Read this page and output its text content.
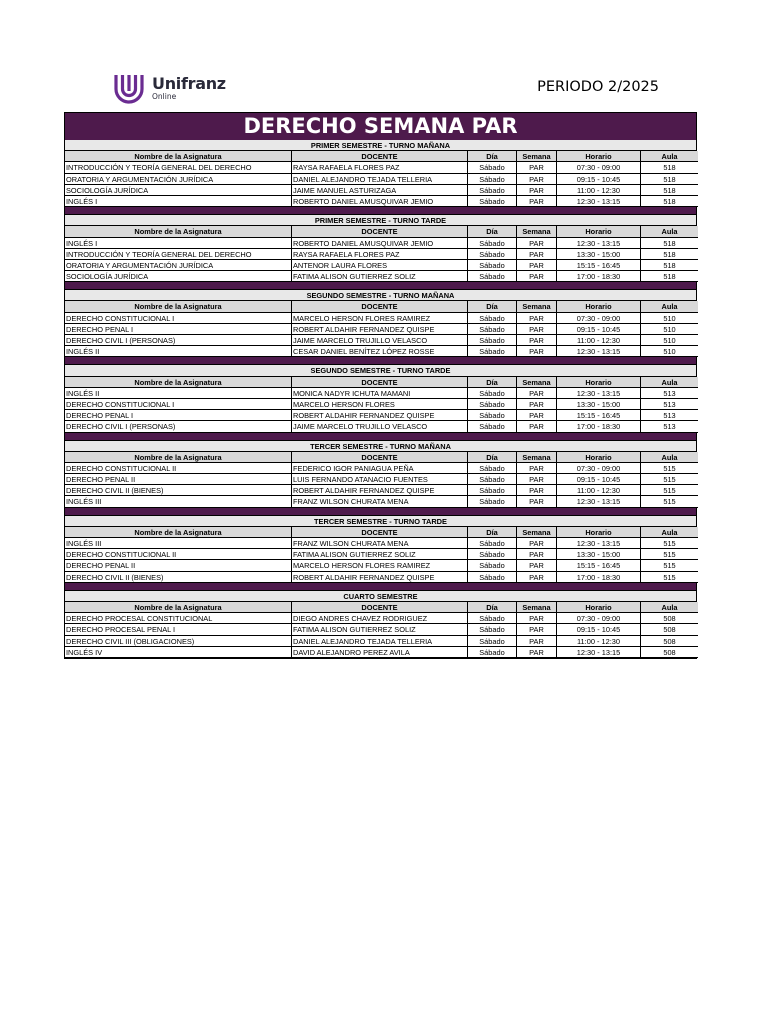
Unifranz
Online
PERIODO 2/2025
DERECHO SEMANA PAR
PRIMER SEMESTRE - TURNO MAÑANA
Nombre de la Asignatura	DOCENTE	Día	Semana	Horario	Aula
INTRODUCCIÓN Y TEORÍA GENERAL DEL DERECHO	RAYSA RAFAELA FLORES PAZ	Sábado	PAR	07:30 - 09:00	518
ORATORIA Y ARGUMENTACIÓN JURÍDICA	DANIEL ALEJANDRO TEJADA TELLERIA	Sábado	PAR	09:15 - 10:45	518
SOCIOLOGÍA JURÍDICA	JAIME MANUEL ASTURIZAGA	Sábado	PAR	11:00 - 12:30	518
INGLÉS I	ROBERTO DANIEL AMUSQUIVAR JEMIO	Sábado	PAR	12:30 - 13:15	518
PRIMER SEMESTRE - TURNO TARDE
Nombre de la Asignatura	DOCENTE	Día	Semana	Horario	Aula
INGLÉS I	ROBERTO DANIEL AMUSQUIVAR JEMIO	Sábado	PAR	12:30 - 13:15	518
INTRODUCCIÓN Y TEORÍA GENERAL DEL DERECHO	RAYSA RAFAELA FLORES PAZ	Sábado	PAR	13:30 - 15:00	518
ORATORIA Y ARGUMENTACIÓN JURÍDICA	ANTENOR LAURA FLORES	Sábado	PAR	15:15 - 16:45	518
SOCIOLOGÍA JURÍDICA	FATIMA ALISON GUTIERREZ SOLIZ	Sábado	PAR	17:00 - 18:30	518
SEGUNDO SEMESTRE - TURNO MAÑANA
Nombre de la Asignatura	DOCENTE	Día	Semana	Horario	Aula
DERECHO CONSTITUCIONAL I	MARCELO HERSON FLORES RAMIREZ	Sábado	PAR	07:30 - 09:00	510
DERECHO PENAL I	ROBERT ALDAHIR FERNANDEZ QUISPE	Sábado	PAR	09:15 - 10:45	510
DERECHO CIVIL I (PERSONAS)	JAIME MARCELO TRUJILLO VELASCO	Sábado	PAR	11:00 - 12:30	510
INGLÉS II	CESAR DANIEL BENÍTEZ LÓPEZ ROSSE	Sábado	PAR	12:30 - 13:15	510
SEGUNDO SEMESTRE - TURNO TARDE
Nombre de la Asignatura	DOCENTE	Día	Semana	Horario	Aula
INGLÉS II	MONICA NADYR ICHUTA MAMANI	Sábado	PAR	12:30 - 13:15	513
DERECHO CONSTITUCIONAL I	MARCELO HERSON FLORES	Sábado	PAR	13:30 - 15:00	513
DERECHO PENAL I	ROBERT ALDAHIR FERNANDEZ QUISPE	Sábado	PAR	15:15 - 16:45	513
DERECHO CIVIL I (PERSONAS)	JAIME MARCELO TRUJILLO VELASCO	Sábado	PAR	17:00 - 18:30	513
TERCER SEMESTRE - TURNO MAÑANA
Nombre de la Asignatura	DOCENTE	Día	Semana	Horario	Aula
DERECHO CONSTITUCIONAL II	FEDERICO IGOR PANIAGUA PEÑA	Sábado	PAR	07:30 - 09:00	515
DERECHO PENAL II	LUIS FERNANDO ATANACIO FUENTES	Sábado	PAR	09:15 - 10:45	515
DERECHO CIVIL II (BIENES)	ROBERT ALDAHIR FERNANDEZ QUISPE	Sábado	PAR	11:00 - 12:30	515
INGLÉS III	FRANZ WILSON CHURATA MENA	Sábado	PAR	12:30 - 13:15	515
TERCER SEMESTRE - TURNO TARDE
Nombre de la Asignatura	DOCENTE	Día	Semana	Horario	Aula
INGLÉS III	FRANZ WILSON CHURATA MENA	Sábado	PAR	12:30 - 13:15	515
DERECHO CONSTITUCIONAL II	FATIMA ALISON GUTIERREZ SOLIZ	Sábado	PAR	13:30 - 15:00	515
DERECHO PENAL II	MARCELO HERSON FLORES RAMIREZ	Sábado	PAR	15:15 - 16:45	515
DERECHO CIVIL II (BIENES)	ROBERT ALDAHIR FERNANDEZ QUISPE	Sábado	PAR	17:00 - 18:30	515
CUARTO SEMESTRE
Nombre de la Asignatura	DOCENTE	Día	Semana	Horario	Aula
DERECHO PROCESAL CONSTITUCIONAL	DIEGO ANDRES CHAVEZ RODRIGUEZ	Sábado	PAR	07:30 - 09:00	508
DERECHO PROCESAL PENAL I	FATIMA ALISON GUTIERREZ SOLIZ	Sábado	PAR	09:15 - 10:45	508
DERECHO CIVIL III (OBLIGACIONES)	DANIEL ALEJANDRO TEJADA TELLERIA	Sábado	PAR	11:00 - 12:30	508
INGLÉS IV	DAVID ALEJANDRO PEREZ AVILA	Sábado	PAR	12:30 - 13:15	508
